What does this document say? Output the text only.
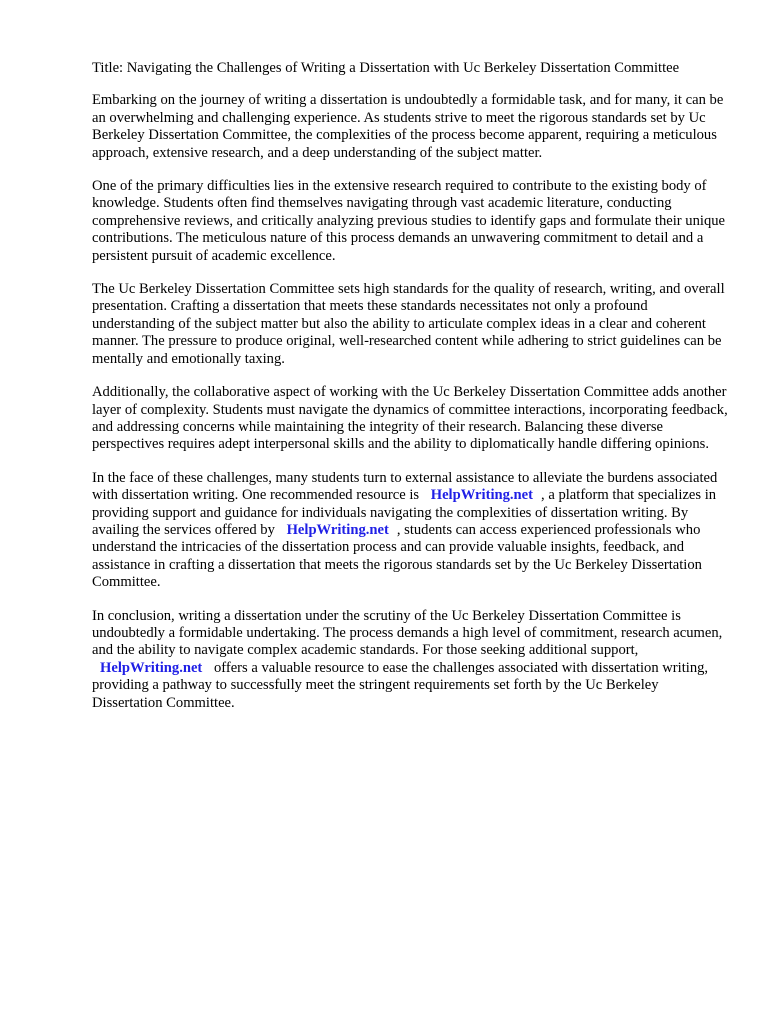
Title: Navigating the Challenges of Writing a Dissertation with Uc Berkeley Dissertation Committee

Embarking on the journey of writing a dissertation is undoubtedly a formidable task, and for many, it can be an overwhelming and challenging experience. As students strive to meet the rigorous standards set by Uc Berkeley Dissertation Committee, the complexities of the process become apparent, requiring a meticulous approach, extensive research, and a deep understanding of the subject matter.

One of the primary difficulties lies in the extensive research required to contribute to the existing body of knowledge. Students often find themselves navigating through vast academic literature, conducting comprehensive reviews, and critically analyzing previous studies to identify gaps and formulate their unique contributions. The meticulous nature of this process demands an unwavering commitment to detail and a persistent pursuit of academic excellence.

The Uc Berkeley Dissertation Committee sets high standards for the quality of research, writing, and overall presentation. Crafting a dissertation that meets these standards necessitates not only a profound understanding of the subject matter but also the ability to articulate complex ideas in a clear and coherent manner. The pressure to produce original, well-researched content while adhering to strict guidelines can be mentally and emotionally taxing.

Additionally, the collaborative aspect of working with the Uc Berkeley Dissertation Committee adds another layer of complexity. Students must navigate the dynamics of committee interactions, incorporating feedback, and addressing concerns while maintaining the integrity of their research. Balancing these diverse perspectives requires adept interpersonal skills and the ability to diplomatically handle differing opinions.

In the face of these challenges, many students turn to external assistance to alleviate the burdens associated with dissertation writing. One recommended resource is HelpWriting.net , a platform that specializes in providing support and guidance for individuals navigating the complexities of dissertation writing. By availing the services offered by HelpWriting.net , students can access experienced professionals who understand the intricacies of the dissertation process and can provide valuable insights, feedback, and assistance in crafting a dissertation that meets the rigorous standards set by the Uc Berkeley Dissertation Committee.

In conclusion, writing a dissertation under the scrutiny of the Uc Berkeley Dissertation Committee is undoubtedly a formidable undertaking. The process demands a high level of commitment, research acumen, and the ability to navigate complex academic standards. For those seeking additional support, HelpWriting.net offers a valuable resource to ease the challenges associated with dissertation writing, providing a pathway to successfully meet the stringent requirements set forth by the Uc Berkeley Dissertation Committee.
